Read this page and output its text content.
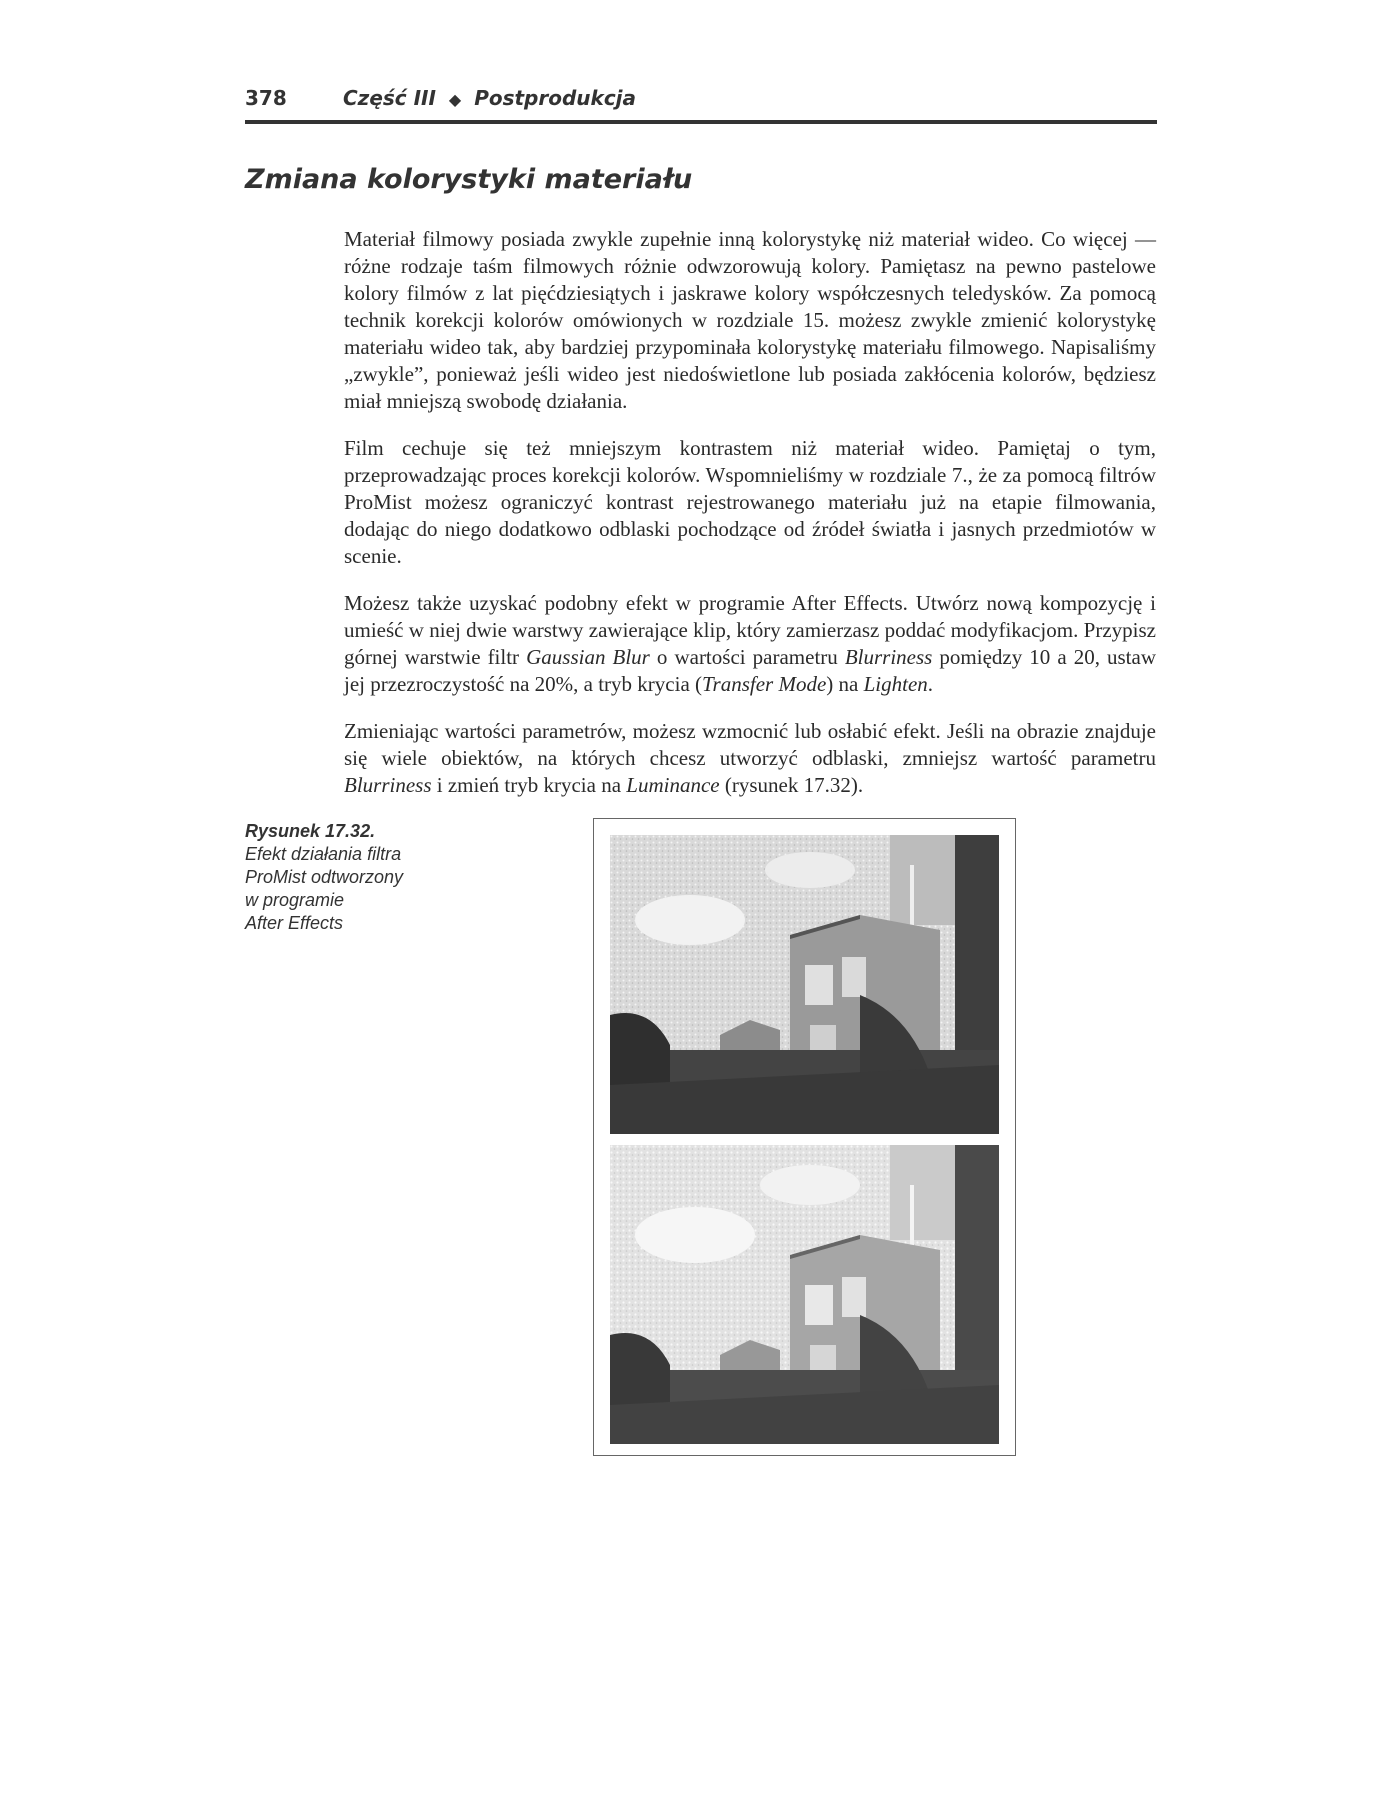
378	Część III ◆ Postprodukcja
Zmiana kolorystyki materiału

Materiał filmowy posiada zwykle zupełnie inną kolorystykę niż materiał wideo. Co więcej — różne rodzaje taśm filmowych różnie odwzorowują kolory. Pamiętasz na pewno pastelowe kolory filmów z lat pięćdziesiątych i jaskrawe kolory współczesnych teledysków. Za pomocą technik korekcji kolorów omówionych w rozdziale 15. możesz zwykle zmienić kolorystykę materiału wideo tak, aby bardziej przypominała kolorystykę materiału filmowego. Napisaliśmy „zwykle”, ponieważ jeśli wideo jest niedoświetlone lub posiada zakłócenia kolorów, będziesz miał mniejszą swobodę działania.

Film cechuje się też mniejszym kontrastem niż materiał wideo. Pamiętaj o tym, przeprowadzając proces korekcji kolorów. Wspomnieliśmy w rozdziale 7., że za pomocą filtrów ProMist możesz ograniczyć kontrast rejestrowanego materiału już na etapie filmowania, dodając do niego dodatkowo odblaski pochodzące od źródeł światła i jasnych przedmiotów w scenie.

Możesz także uzyskać podobny efekt w programie After Effects. Utwórz nową kompozycję i umieść w niej dwie warstwy zawierające klip, który zamierzasz poddać modyfikacjom. Przypisz górnej warstwie filtr Gaussian Blur o wartości parametru Blurriness pomiędzy 10 a 20, ustaw jej przezroczystość na 20%, a tryb krycia (Transfer Mode) na Lighten.

Zmieniając wartości parametrów, możesz wzmocnić lub osłabić efekt. Jeśli na obrazie znajduje się wiele obiektów, na których chcesz utworzyć odblaski, zmniejsz wartość parametru Blurriness i zmień tryb krycia na Luminance (rysunek 17.32).

Rysunek 17.32.
Efekt działania filtra
ProMist odtworzony
w programie
After Effects
